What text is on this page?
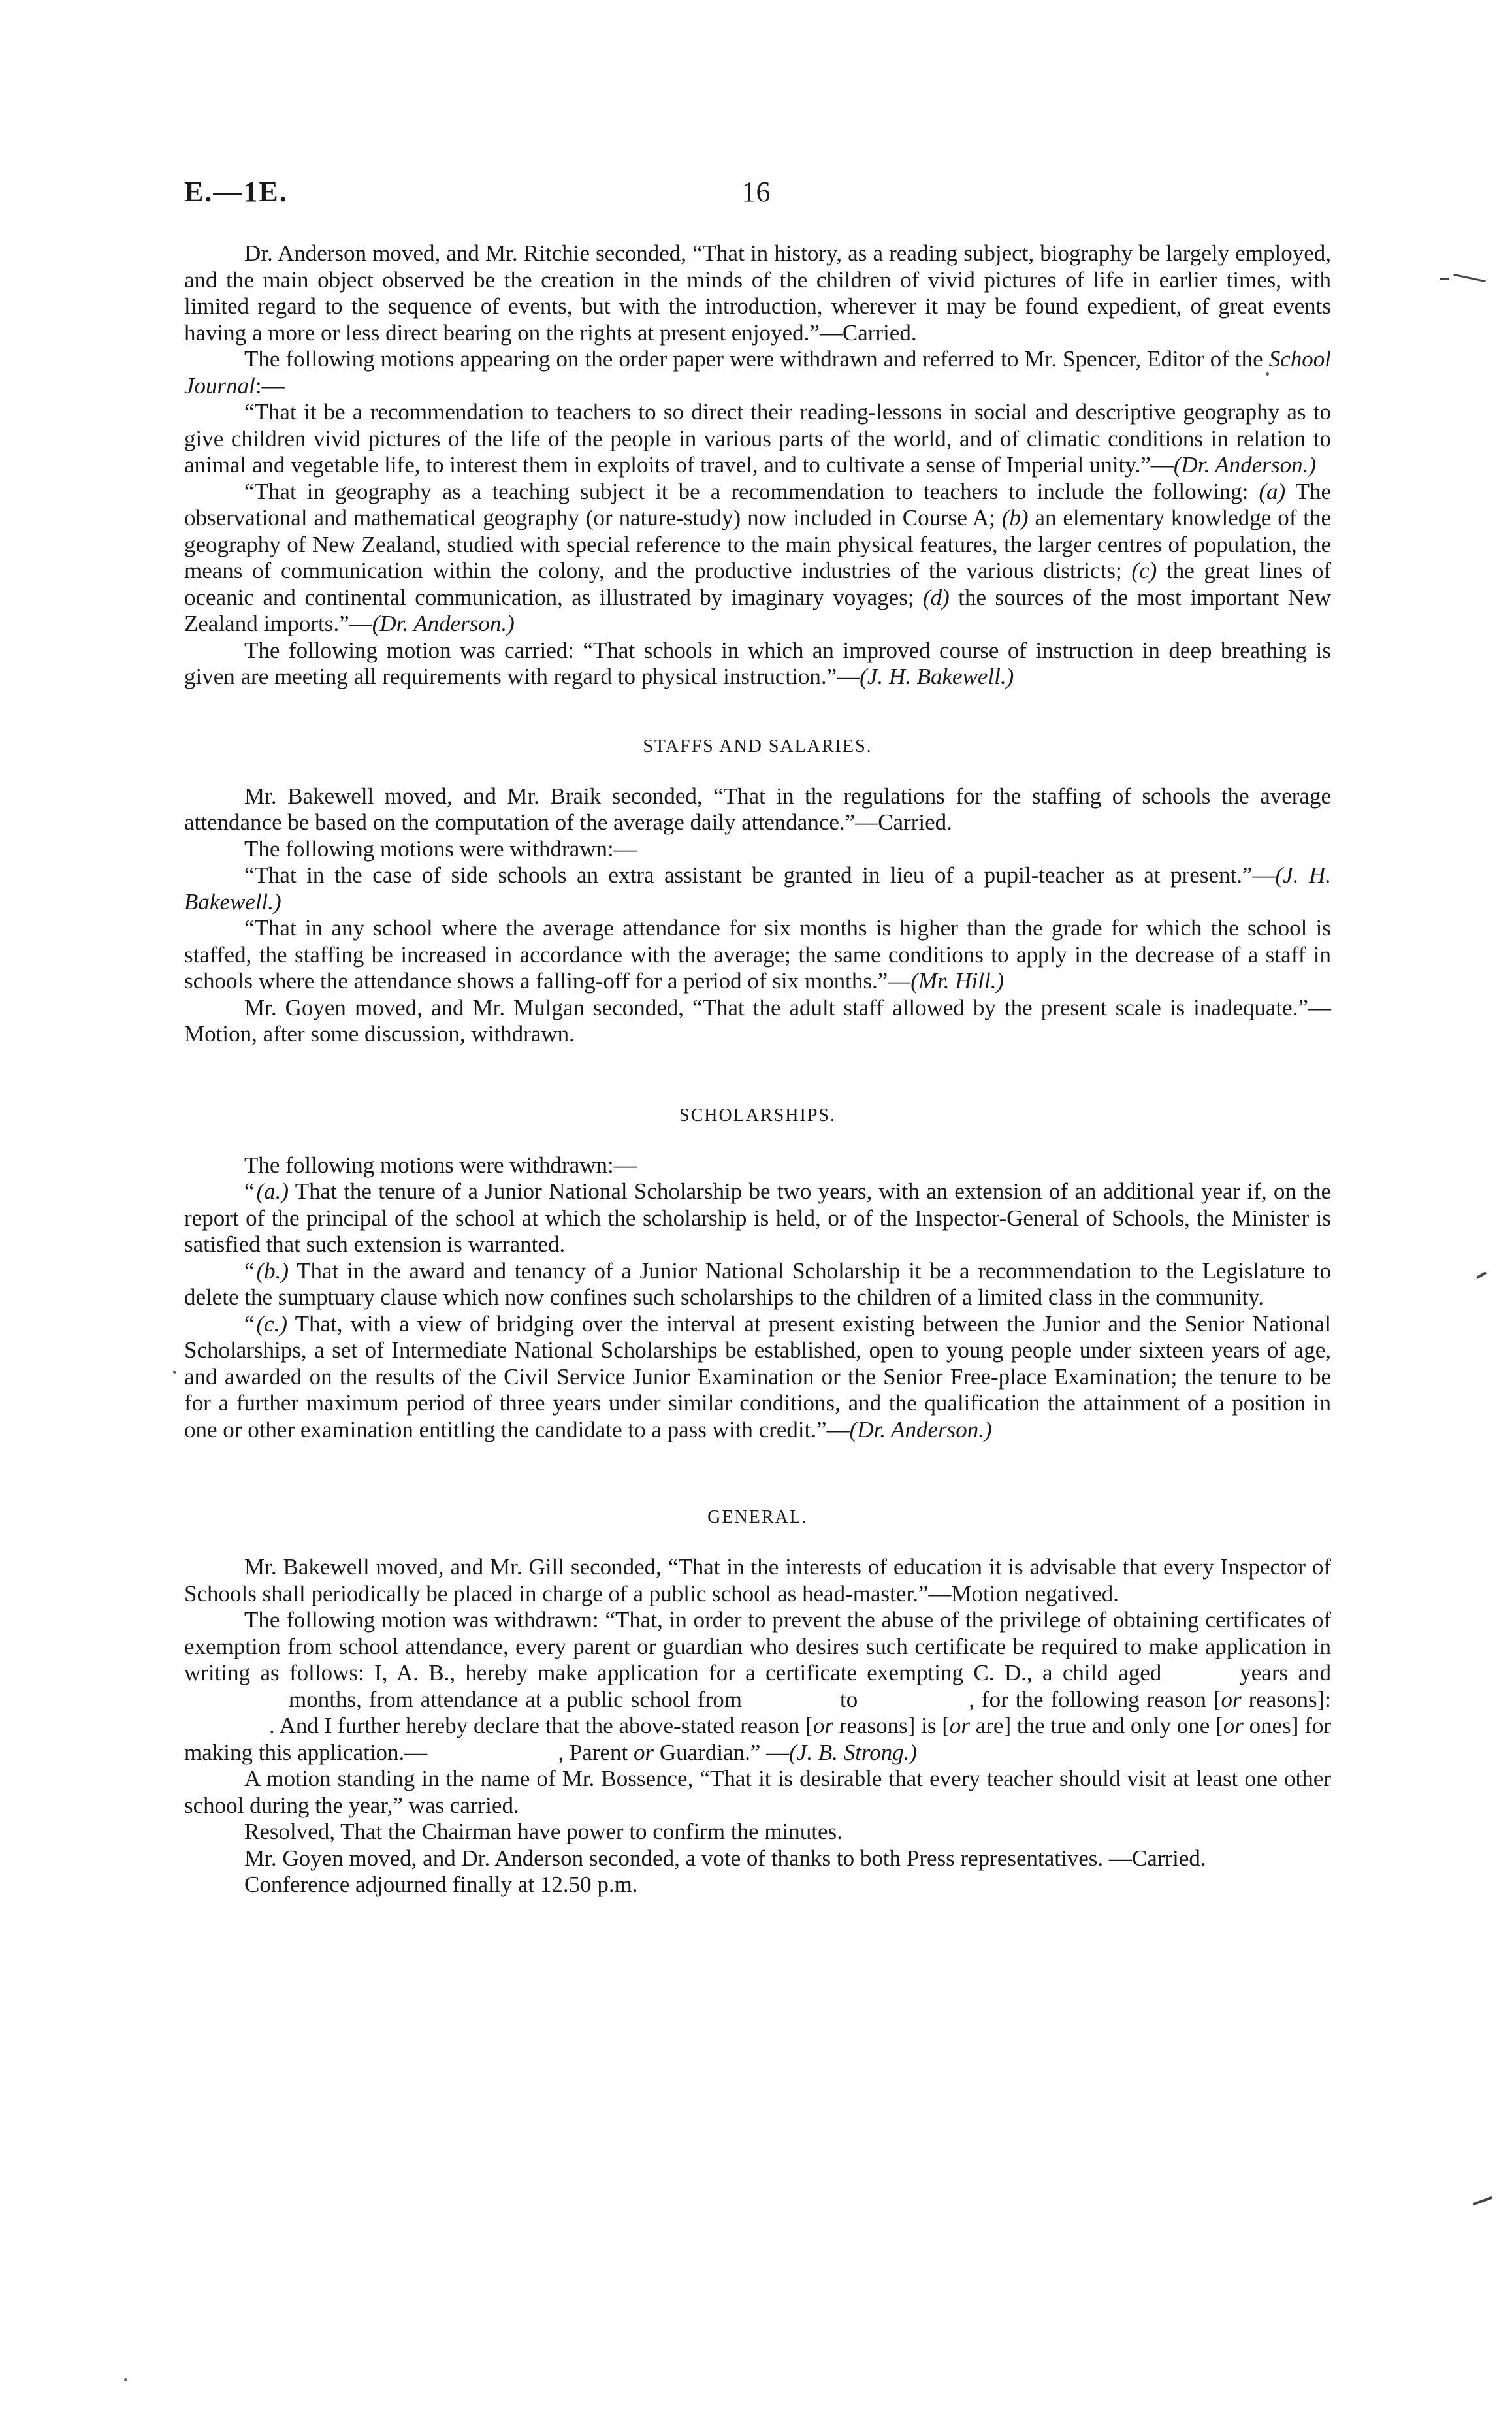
E.—1E.	16

Dr. Anderson moved, and Mr. Ritchie seconded, “That in history, as a reading subject, biography be largely employed, and the main object observed be the creation in the minds of the children of vivid pictures of life in earlier times, with limited regard to the sequence of events, but with the introduction, wherever it may be found expedient, of great events having a more or less direct bearing on the rights at present enjoyed.”—Carried.

The following motions appearing on the order paper were withdrawn and referred to Mr. Spencer, Editor of the School Journal:—

“That it be a recommendation to teachers to so direct their reading-lessons in social and descriptive geography as to give children vivid pictures of the life of the people in various parts of the world, and of climatic conditions in relation to animal and vegetable life, to interest them in exploits of travel, and to cultivate a sense of Imperial unity.”—(Dr. Anderson.)

“That in geography as a teaching subject it be a recommendation to teachers to include the following: (a) The observational and mathematical geography (or nature-study) now included in Course A; (b) an elementary knowledge of the geography of New Zealand, studied with special reference to the main physical features, the larger centres of population, the means of communication within the colony, and the productive industries of the various districts; (c) the great lines of oceanic and continental communication, as illustrated by imaginary voyages; (d) the sources of the most important New Zealand imports.”—(Dr. Anderson.)

The following motion was carried: “That schools in which an improved course of instruction in deep breathing is given are meeting all requirements with regard to physical instruction.”—(J. H. Bakewell.)

STAFFS AND SALARIES.

Mr. Bakewell moved, and Mr. Braik seconded, “That in the regulations for the staffing of schools the average attendance be based on the computation of the average daily attendance.”—Carried.

The following motions were withdrawn:—

“That in the case of side schools an extra assistant be granted in lieu of a pupil-teacher as at present.”—(J. H. Bakewell.)

“That in any school where the average attendance for six months is higher than the grade for which the school is staffed, the staffing be increased in accordance with the average; the same conditions to apply in the decrease of a staff in schools where the attendance shows a falling-off for a period of six months.”—(Mr. Hill.)

Mr. Goyen moved, and Mr. Mulgan seconded, “That the adult staff allowed by the present scale is inadequate.”—Motion, after some discussion, withdrawn.

SCHOLARSHIPS.

The following motions were withdrawn:—

“ (a.) That the tenure of a Junior National Scholarship be two years, with an extension of an additional year if, on the report of the principal of the school at which the scholarship is held, or of the Inspector-General of Schools, the Minister is satisfied that such extension is warranted.

“ (b.) That in the award and tenancy of a Junior National Scholarship it be a recommendation to the Legislature to delete the sumptuary clause which now confines such scholarships to the children of a limited class in the community.

“ (c.) That, with a view of bridging over the interval at present existing between the Junior and the Senior National Scholarships, a set of Intermediate National Scholarships be established, open to young people under sixteen years of age, and awarded on the results of the Civil Service Junior Examination or the Senior Free-place Examination; the tenure to be for a further maximum period of three years under similar conditions, and the qualification the attainment of a position in one or other examination entitling the candidate to a pass with credit.”—(Dr. Anderson.)

GENERAL.

Mr. Bakewell moved, and Mr. Gill seconded, “That in the interests of education it is advisable that every Inspector of Schools shall periodically be placed in charge of a public school as head-master.”—Motion negatived.

The following motion was withdrawn: “That, in order to prevent the abuse of the privilege of obtaining certificates of exemption from school attendance, every parent or guardian who desires such certificate be required to make application in writing as follows: I, A. B., hereby make application for a certificate exempting C. D., a child aged	years andmonths, from attendance at a public school from	to	, for the following reason [or reasons]:. And I further hereby declare that the above-stated reason [or reasons] is [or are] the true and only one [or ones] for making this application.—	, Parent or Guardian.” —(J. B. Strong.)

A motion standing in the name of Mr. Bossence, “That it is desirable that every teacher should visit at least one other school during the year,” was carried.

Resolved, That the Chairman have power to confirm the minutes.

Mr. Goyen moved, and Dr. Anderson seconded, a vote of thanks to both Press representatives. —Carried.

Conference adjourned finally at 12.50 p.m.
